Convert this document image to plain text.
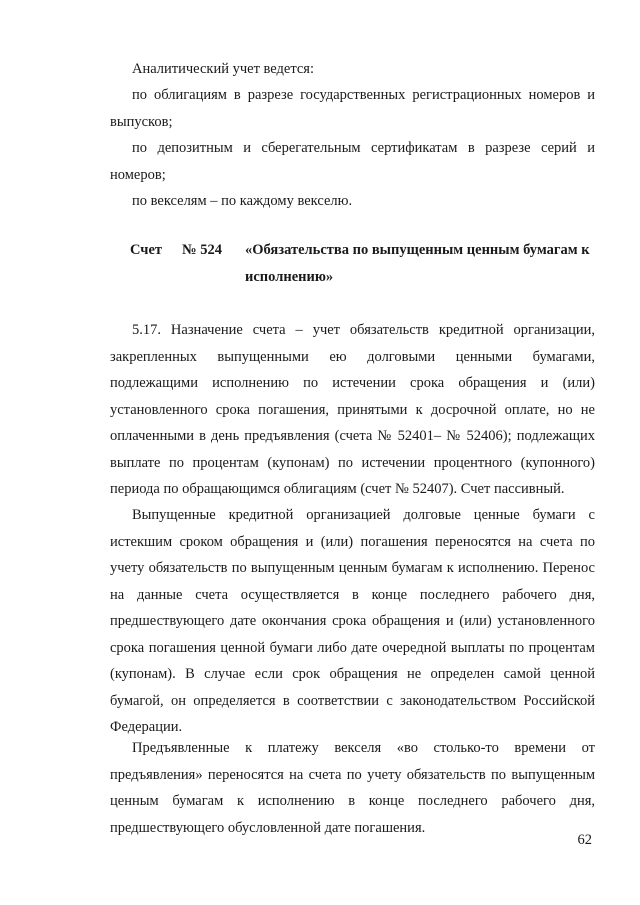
Аналитический учет ведется:

по облигациям в разрезе государственных регистрационных номеров и выпусков;

по депозитным и сберегательным сертификатам в разрезе серий и номеров;

по векселям – по каждому векселю.

Счет № 524 «Обязательства по выпущенным ценным бумагам к исполнению»

5.17. Назначение счета – учет обязательств кредитной организации, закрепленных выпущенными ею долговыми ценными бумагами, подлежащими исполнению по истечении срока обращения и (или) установленного срока погашения, принятыми к досрочной оплате, но не оплаченными в день предъявления (счета № 52401– № 52406); подлежащих выплате по процентам (купонам) по истечении процентного (купонного) периода по обращающимся облигациям (счет № 52407). Счет пассивный.

Выпущенные кредитной организацией долговые ценные бумаги с истекшим сроком обращения и (или) погашения переносятся на счета по учету обязательств по выпущенным ценным бумагам к исполнению. Перенос на данные счета осуществляется в конце последнего рабочего дня, предшествующего дате окончания срока обращения и (или) установленного срока погашения ценной бумаги либо дате очередной выплаты по процентам (купонам). В случае если срок обращения не определен самой ценной бумагой, он определяется в соответствии с законодательством Российской Федерации.

Предъявленные к платежу векселя «во столько-то времени от предъявления» переносятся на счета по учету обязательств по выпущенным ценным бумагам к исполнению в конце последнего рабочего дня, предшествующего обусловленной дате погашения.

62
